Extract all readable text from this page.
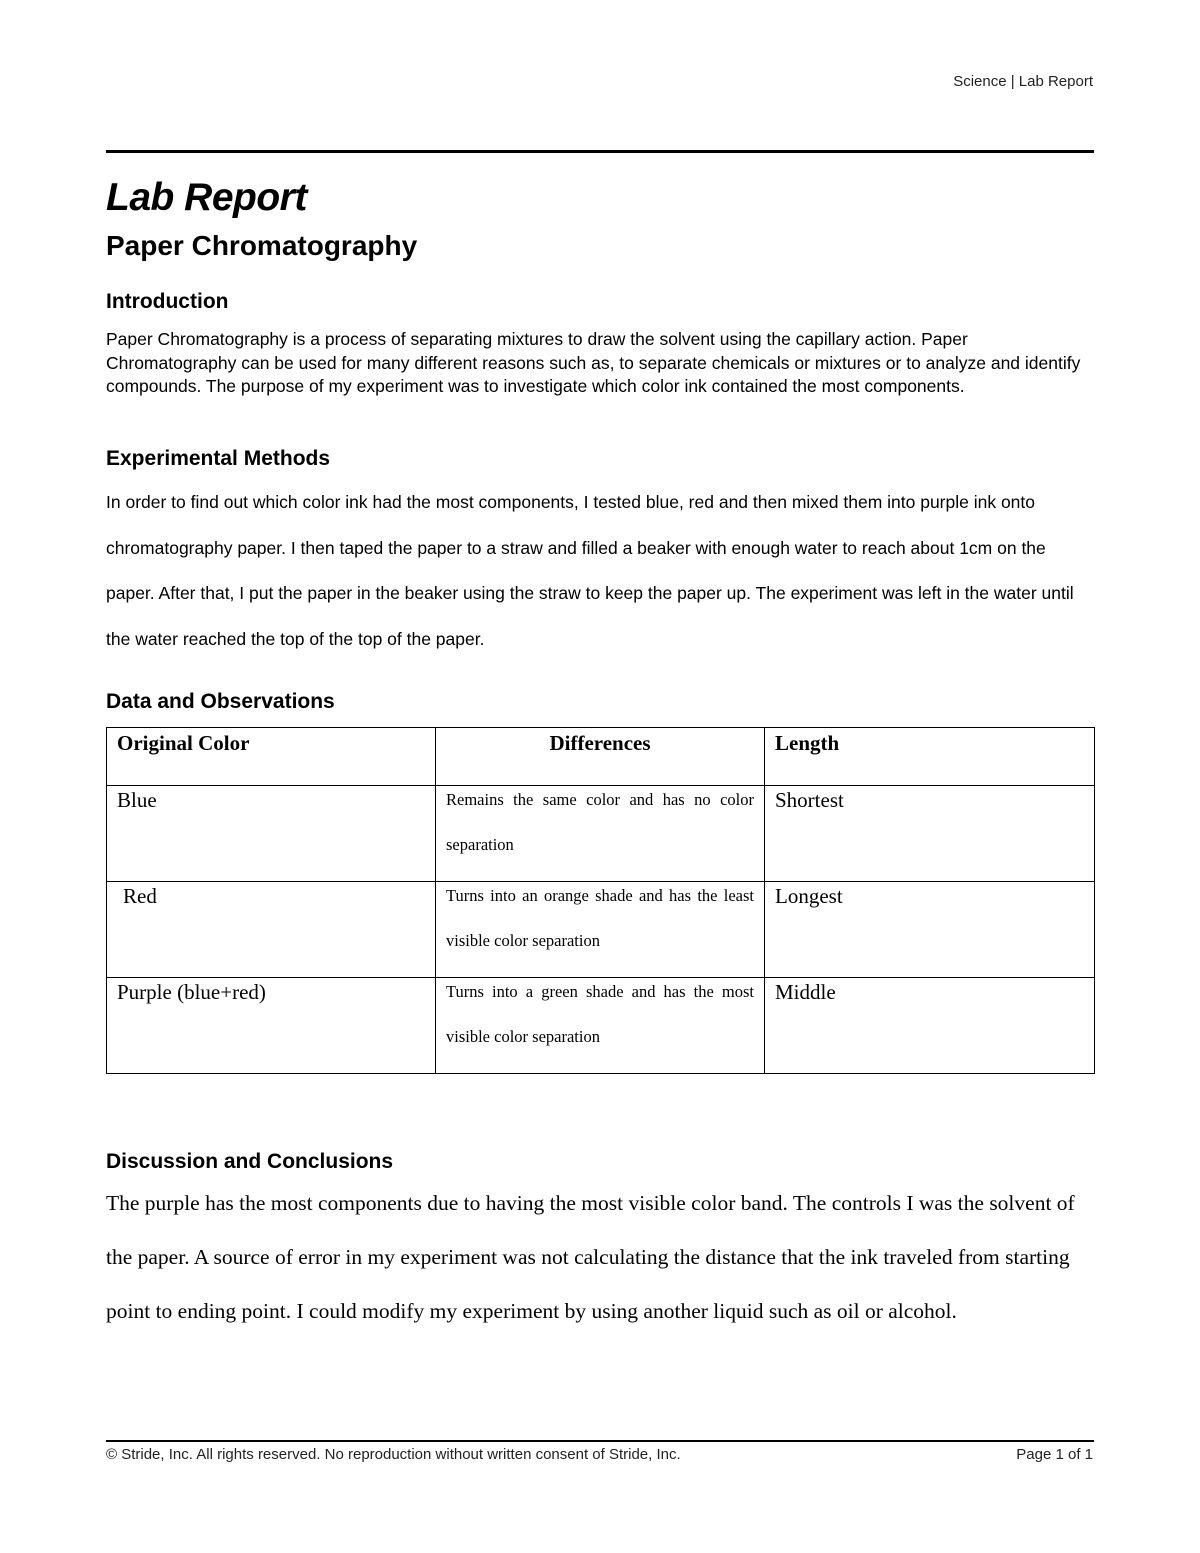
Science | Lab Report
Lab Report
Paper Chromatography
Introduction

Paper Chromatography is a process of separating mixtures to draw the solvent using the capillary action. Paper Chromatography can be used for many different reasons such as, to separate chemicals or mixtures or to analyze and identify compounds. The purpose of my experiment was to investigate which color ink contained the most components.

Experimental Methods

In order to find out which color ink had the most components, I tested blue, red and then mixed them into purple ink onto chromatography paper. I then taped the paper to a straw and filled a beaker with enough water to reach about 1cm on the paper. After that, I put the paper in the beaker using the straw to keep the paper up. The experiment was left in the water until the water reached the top of the top of the paper.

Data and Observations
Original Color	Differences	Length

Blue	Remains the same color and has no color separation	Shortest

Red	Turns into an orange shade and has the least visible color separation	Longest

Purple (blue+red)	Turns into a green shade and has the most visible color separation	Middle
Discussion and Conclusions

The purple has the most components due to having the most visible color band. The controls I was the solvent of the paper. A source of error in my experiment was not calculating the distance that the ink traveled from starting point to ending point. I could modify my experiment by using another liquid such as oil or alcohol.

© Stride, Inc. All rights reserved. No reproduction without written consent of Stride, Inc.	Page 1 of 1
